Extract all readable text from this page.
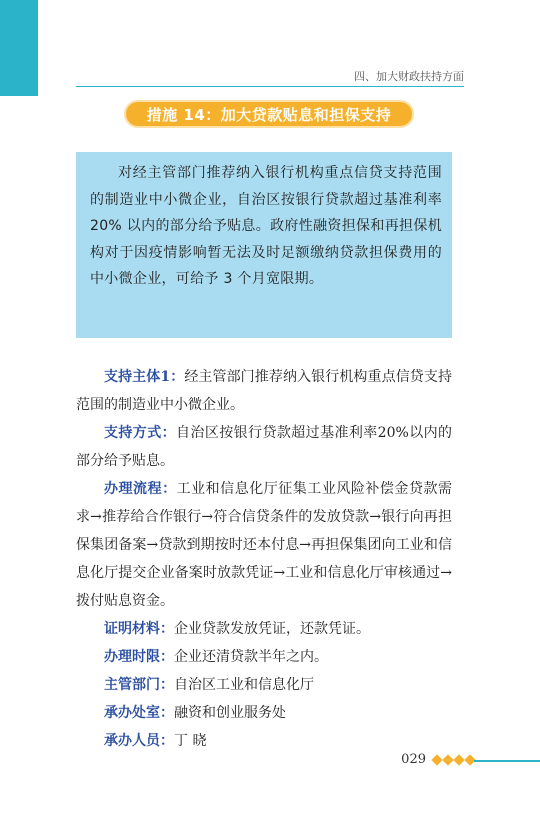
四、加大财政扶持方面
措施 14：加大贷款贴息和担保支持
对经主管部门推荐纳入银行机构重点信贷支持范围的制造业中小微企业，自治区按银行贷款超过基准利率 20% 以内的部分给予贴息。政府性融资担保和再担保机构对于因疫情影响暂无法及时足额缴纳贷款担保费用的中小微企业，可给予 3 个月宽限期。

支持主体1：经主管部门推荐纳入银行机构重点信贷支持范围的制造业中小微企业。

支持方式：自治区按银行贷款超过基准利率20%以内的部分给予贴息。

办理流程：工业和信息化厅征集工业风险补偿金贷款需求→推荐给合作银行→符合信贷条件的发放贷款→银行向再担保集团备案→贷款到期按时还本付息→再担保集团向工业和信息化厅提交企业备案时放款凭证→工业和信息化厅审核通过→拨付贴息资金。

证明材料：企业贷款发放凭证，还款凭证。

办理时限：企业还清贷款半年之内。

主管部门：自治区工业和信息化厅

承办处室：融资和创业服务处

承办人员：丁 晓

029
